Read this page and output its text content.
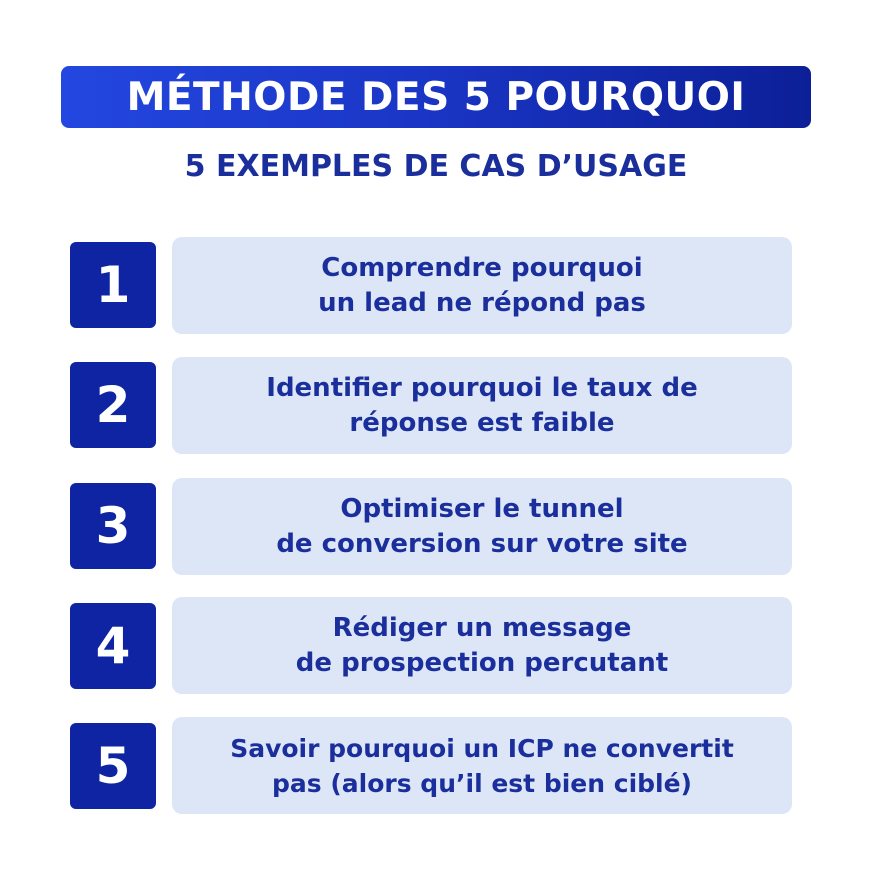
MÉTHODE DES 5 POURQUOI
5 EXEMPLES DE CAS D’USAGE
1	Comprendre pourquoi
un lead ne répond pas
2	Identifier pourquoi le taux de
réponse est faible
3	Optimiser le tunnel
de conversion sur votre site
4	Rédiger un message
de prospection percutant
5	Savoir pourquoi un ICP ne convertit
pas (alors qu’il est bien ciblé)
